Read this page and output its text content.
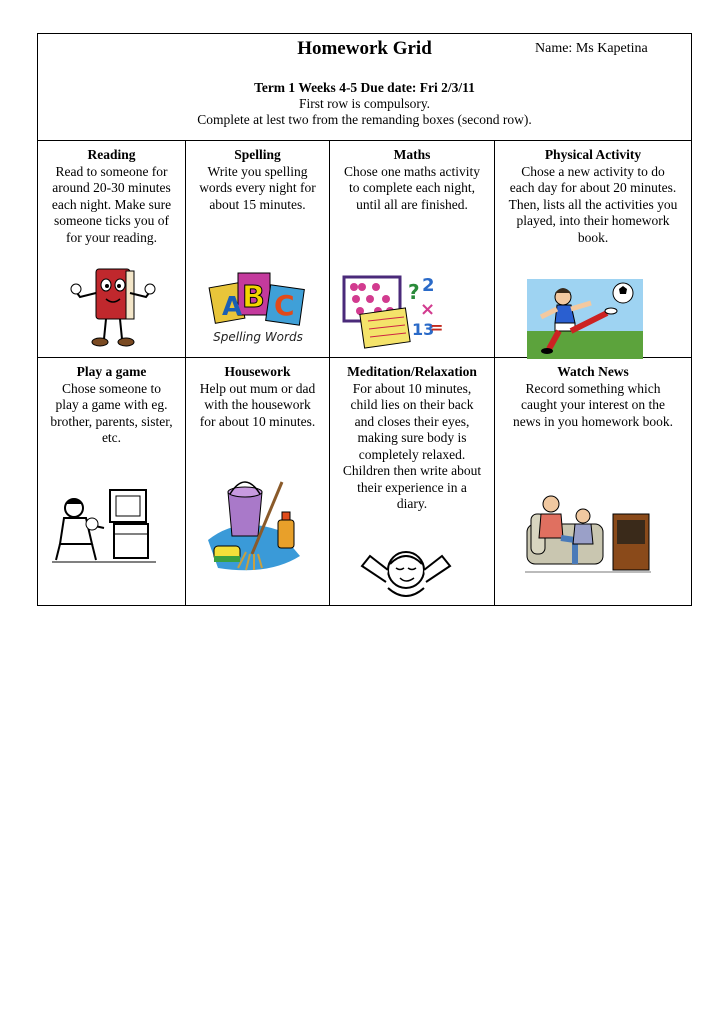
Homework Grid	Name: Ms Kapetina
Term 1 Weeks 4-5 Due date: Fri 2/3/11
First row is compulsory.
Complete at lest two from the remanding boxes (second row).
Reading
Read to someone for
around 20-30 minutes
each night. Make sure
someone ticks you of
for your reading.
Spelling
Write you spelling
words every night for
about 15 minutes.
A B C
Spelling Words
Maths
Chose one maths activity
to complete each night,
until all are finished.
? 2
×
13
=
Physical Activity
Chose a new activity to do
each day for about 20 minutes.
Then, lists all the activities you
played, into their homework
book.
Play a game
Chose someone to
play a game with eg.
brother, parents, sister,
etc.
Housework
Help out mum or dad
with the housework
for about 10 minutes.
Meditation/Relaxation
For about 10 minutes,
child lies on their back
and closes their eyes,
making sure body is
completely relaxed.
Children then write about
their experience in a
diary.
Watch News
Record something which
caught your interest on the
news in you homework book.
